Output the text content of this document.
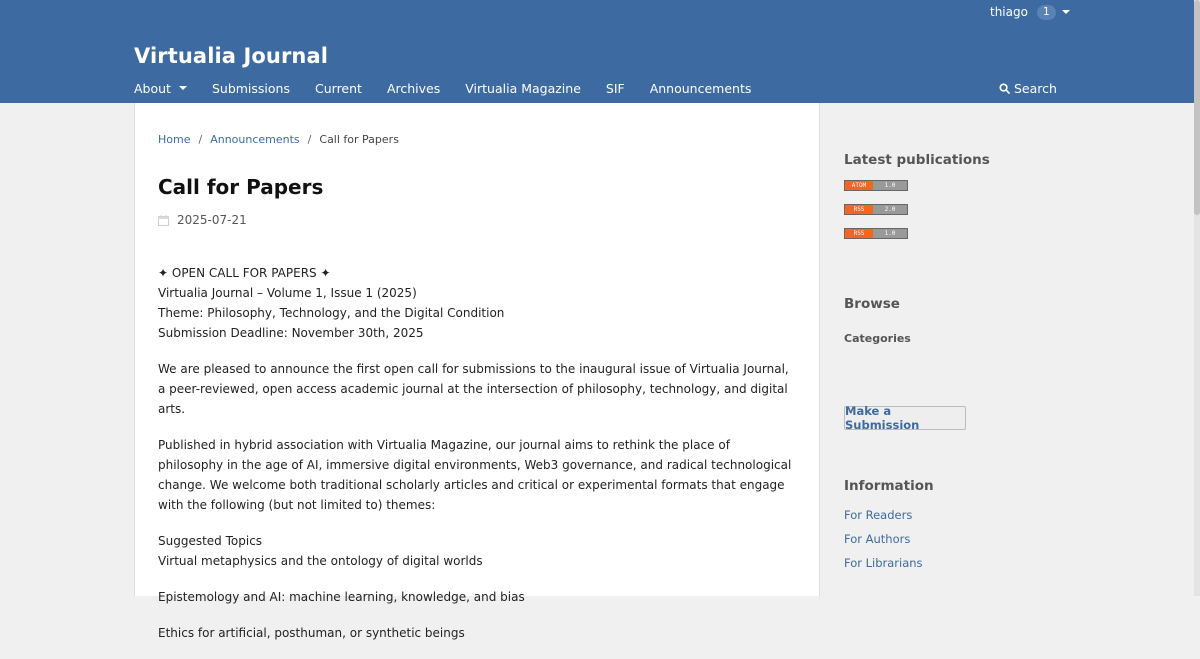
thiago	1
Virtualia Journal
About	Submissions Current Archives Virtualia Magazine SIF Announcements	Search
Home / Announcements / Call for Papers
Call for Papers
2025-07-21

✦ OPEN CALL FOR PAPERS ✦
Virtualia Journal – Volume 1, Issue 1 (2025)
Theme: Philosophy, Technology, and the Digital Condition
Submission Deadline: November 30th, 2025

We are pleased to announce the first open call for submissions to the inaugural issue of Virtualia Journal, a peer-reviewed, open access academic journal at the intersection of philosophy, technology, and digital arts.

Published in hybrid association with Virtualia Magazine, our journal aims to rethink the place of philosophy in the age of AI, immersive digital environments, Web3 governance, and radical technological change. We welcome both traditional scholarly articles and critical or experimental formats that engage with the following (but not limited to) themes:

Suggested Topics
Virtual metaphysics and the ontology of digital worlds

Epistemology and AI: machine learning, knowledge, and bias

Ethics for artificial, posthuman, or synthetic beings

Latest publications
ATOM	1.0
RSS	2.0
RSS	1.0
Browse
Categories
Make a Submission
Information
For Readers
For Authors
For Librarians
